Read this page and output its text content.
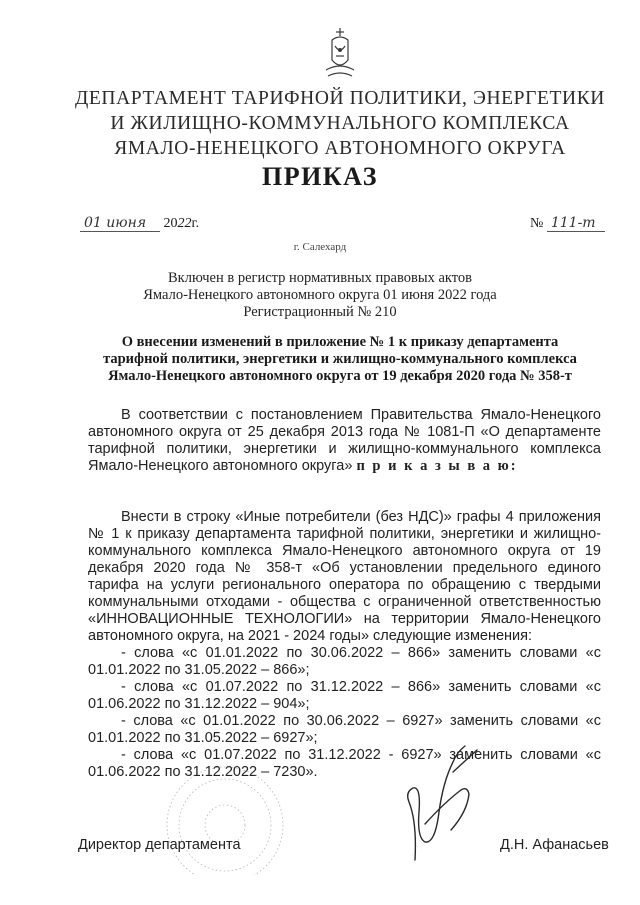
ДЕПАРТАМЕНТ ТАРИФНОЙ ПОЛИТИКИ, ЭНЕРГЕТИКИ
И ЖИЛИЩНО-КОММУНАЛЬНОГО КОМПЛЕКСА
ЯМАЛО-НЕНЕЦКОГО АВТОНОМНОГО ОКРУГА
ПРИКАЗ
01 июня 2022г.	№ 111-т
г. Салехард
Включен в регистр нормативных правовых актов
Ямало-Ненецкого автономного округа 01 июня 2022 года
Регистрационный № 210
О внесении изменений в приложение № 1 к приказу департамента
тарифной политики, энергетики и жилищно-коммунального комплекса
Ямало-Ненецкого автономного округа от 19 декабря 2020 года № 358-т
В соответствии с постановлением Правительства Ямало-Ненецкого автономного округа от 25 декабря 2013 года № 1081-П «О департаменте тарифной политики, энергетики и жилищно-коммунального комплекса Ямало-Ненецкого автономного округа» п р и к а з ы в а ю:

Внести в строку «Иные потребители (без НДС)» графы 4 приложения № 1 к приказу департамента тарифной политики, энергетики и жилищно-коммунального комплекса Ямало-Ненецкого автономного округа от 19 декабря 2020 года № 358-т «Об установлении предельного единого тарифа на услуги регионального оператора по обращению с твердыми коммунальными отходами - общества с ограниченной ответственностью «ИННОВАЦИОННЫЕ ТЕХНОЛОГИИ» на территории Ямало-Ненецкого автономного округа, на 2021 - 2024 годы» следующие изменения:

- слова «с 01.01.2022 по 30.06.2022 – 866» заменить словами «с 01.01.2022 по 31.05.2022 – 866»;

- слова «с 01.07.2022 по 31.12.2022 – 866» заменить словами «с 01.06.2022 по 31.12.2022 – 904»;

- слова «с 01.01.2022 по 30.06.2022 – 6927» заменить словами «с 01.01.2022 по 31.05.2022 – 6927»;

- слова «с 01.07.2022 по 31.12.2022 - 6927» заменить словами «с 01.06.2022 по 31.12.2022 – 7230».

Директор департамента	Д.Н. Афанасьев
